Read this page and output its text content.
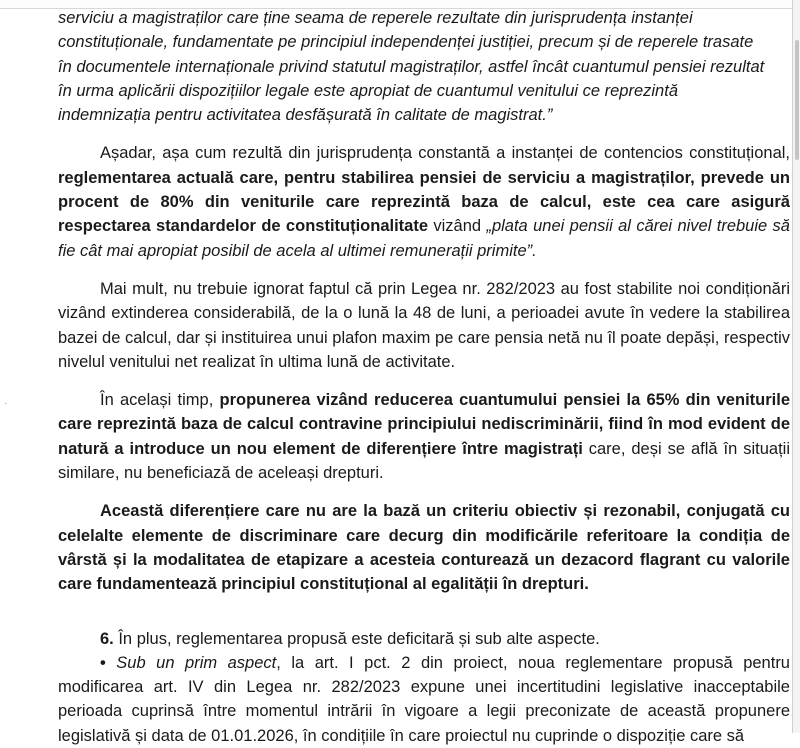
·

serviciu a magistraților care ține seama de reperele rezultate din jurisprudența instanței
constituționale, fundamentate pe principiul independenței justiției, precum și de reperele trasate
în documentele internaționale privind statutul magistraților, astfel încât cuantumul pensiei rezultat
în urma aplicării dispozițiilor legale este apropiat de cuantumul venitului ce reprezintă
indemnizația pentru activitatea desfășurată în calitate de magistrat.”

Așadar, așa cum rezultă din jurisprudența constantă a instanței de contencios constituțional, reglementarea actuală care, pentru stabilirea pensiei de serviciu a magistraților, prevede un procent de 80% din veniturile care reprezintă baza de calcul, este cea care asigură respectarea standardelor de constituționalitate vizând „plata unei pensii al cărei nivel trebuie să fie cât mai apropiat posibil de acela al ultimei remunerații primite”.

Mai mult, nu trebuie ignorat faptul că prin Legea nr. 282/2023 au fost stabilite noi condiționări vizând extinderea considerabilă, de la o lună la 48 de luni, a perioadei avute în vedere la stabilirea bazei de calcul, dar și instituirea unui plafon maxim pe care pensia netă nu îl poate depăși, respectiv nivelul venitului net realizat în ultima lună de activitate.

În același timp, propunerea vizând reducerea cuantumului pensiei la 65% din veniturile care reprezintă baza de calcul contravine principiului nediscriminării, fiind în mod evident de natură a introduce un nou element de diferențiere între magistrați care, deși se află în situații similare, nu beneficiază de aceleași drepturi.

Această diferențiere care nu are la bază un criteriu obiectiv și rezonabil, conjugată cu celelalte elemente de discriminare care decurg din modificările referitoare la condiția de vârstă și la modalitatea de etapizare a acesteia conturează un dezacord flagrant cu valorile care fundamentează principiul constituțional al egalității în drepturi.

6. În plus, reglementarea propusă este deficitară și sub alte aspecte.

• Sub un prim aspect, la art. I pct. 2 din proiect, noua reglementare propusă pentru modificarea art. IV din Legea nr. 282/2023 expune unei incertitudini legislative inacceptabile perioada cuprinsă între momentul intrării în vigoare a legii preconizate de această propunere legislativă și data de 01.01.2026, în condițiile în care proiectul nu cuprinde o dispoziție care să
